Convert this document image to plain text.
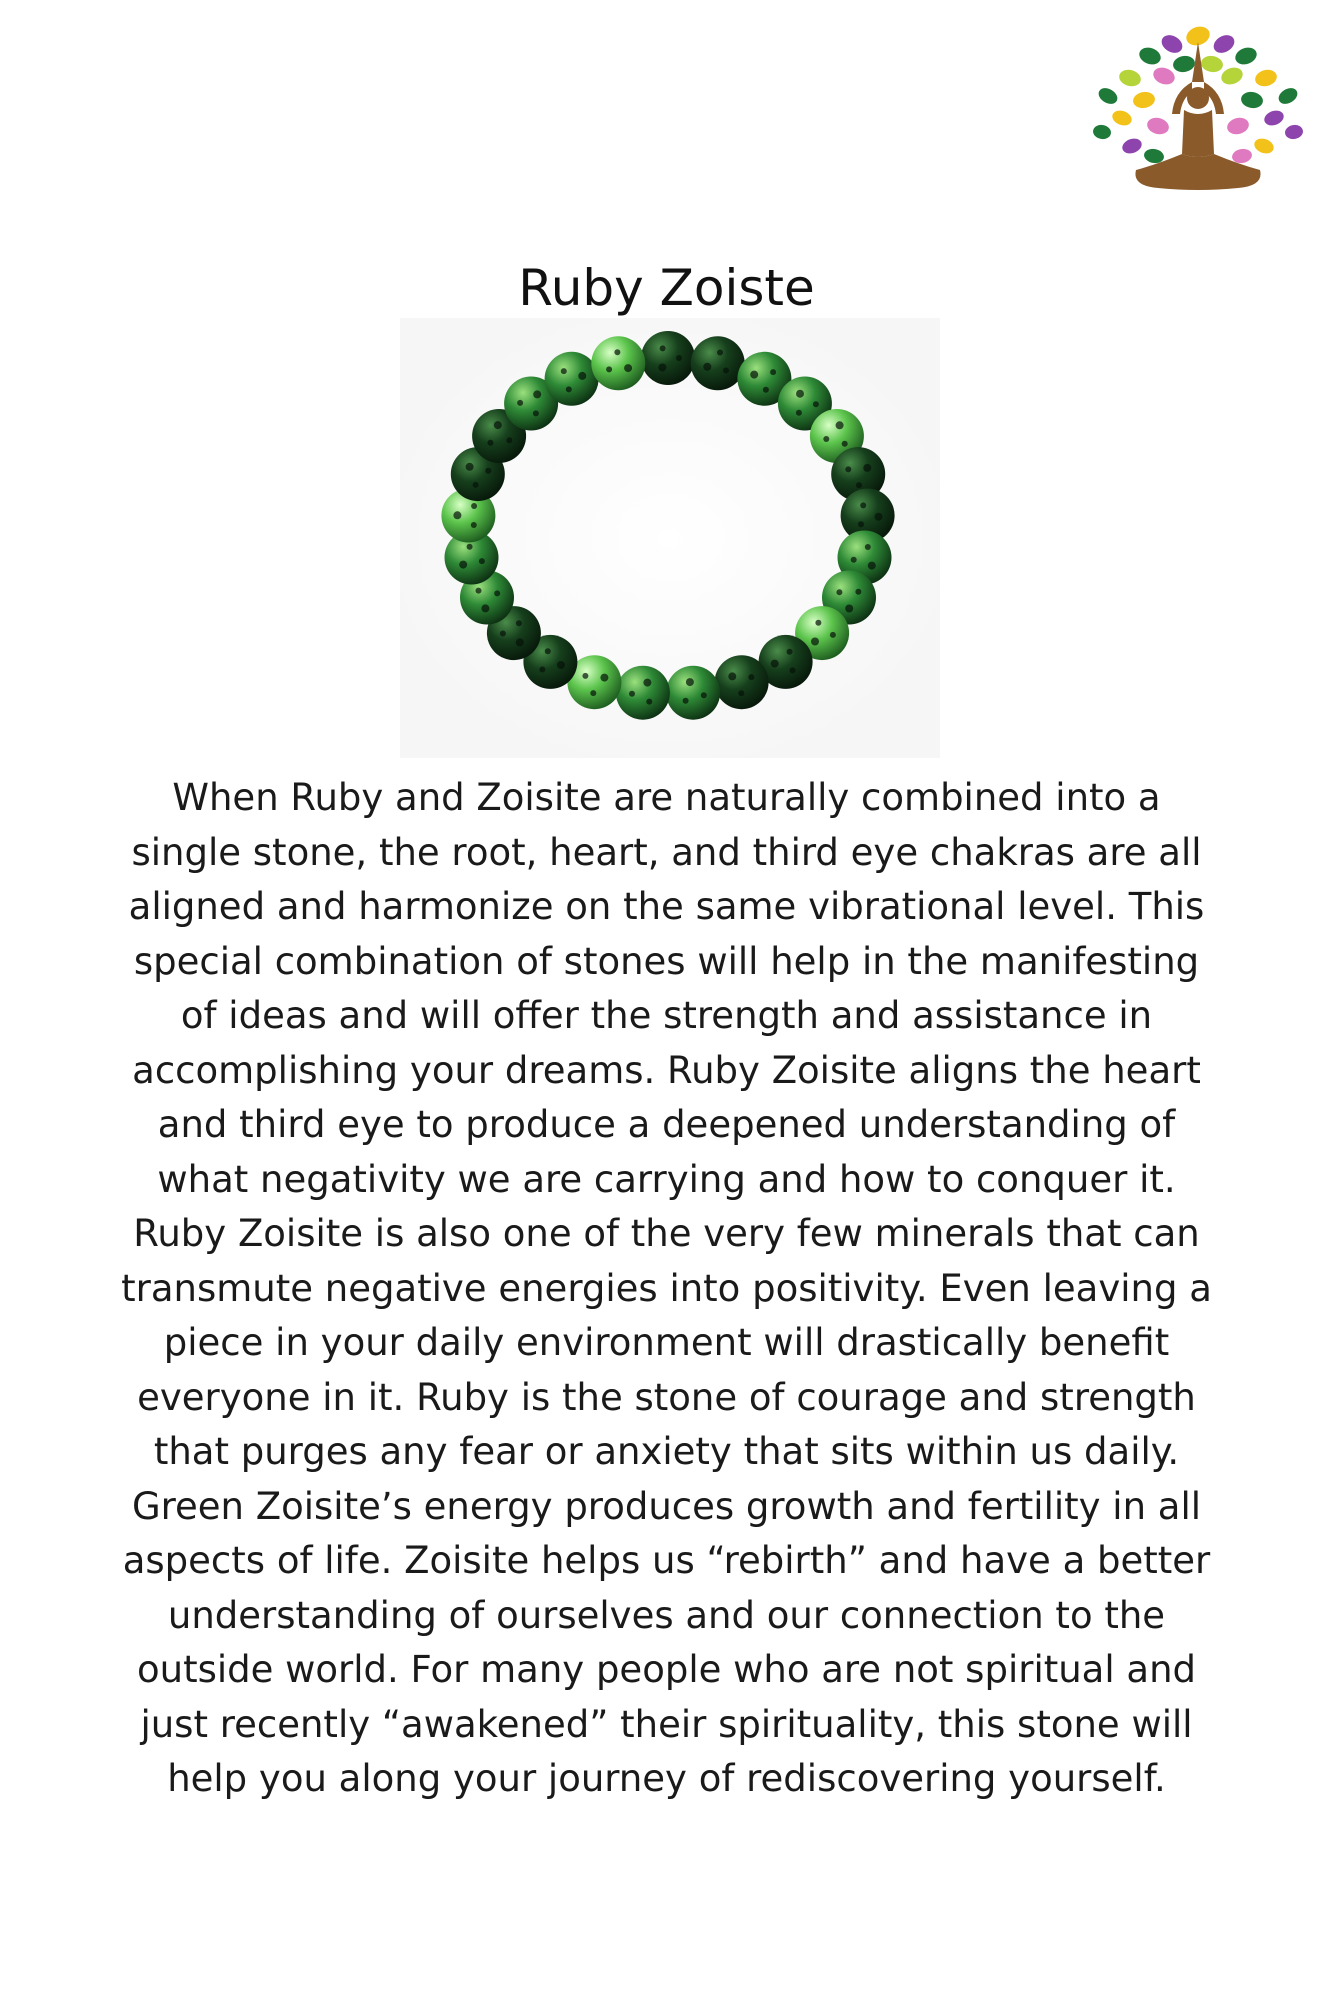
Ruby Zoiste

When Ruby and Zoisite are naturally combined into a single stone, the root, heart, and third eye chakras are all aligned and harmonize on the same vibrational level. This special combination of stones will help in the manifesting of ideas and will offer the strength and assistance in accomplishing your dreams. Ruby Zoisite aligns the heart and third eye to produce a deepened understanding of what negativity we are carrying and how to conquer it. Ruby Zoisite is also one of the very few minerals that can transmute negative energies into positivity. Even leaving a piece in your daily environment will drastically benefit everyone in it. Ruby is the stone of courage and strength that purges any fear or anxiety that sits within us daily. Green Zoisite’s energy produces growth and fertility in all aspects of life. Zoisite helps us “rebirth” and have a better understanding of ourselves and our connection to the outside world. For many people who are not spiritual and just recently “awakened” their spirituality, this stone will help you along your journey of rediscovering yourself.
